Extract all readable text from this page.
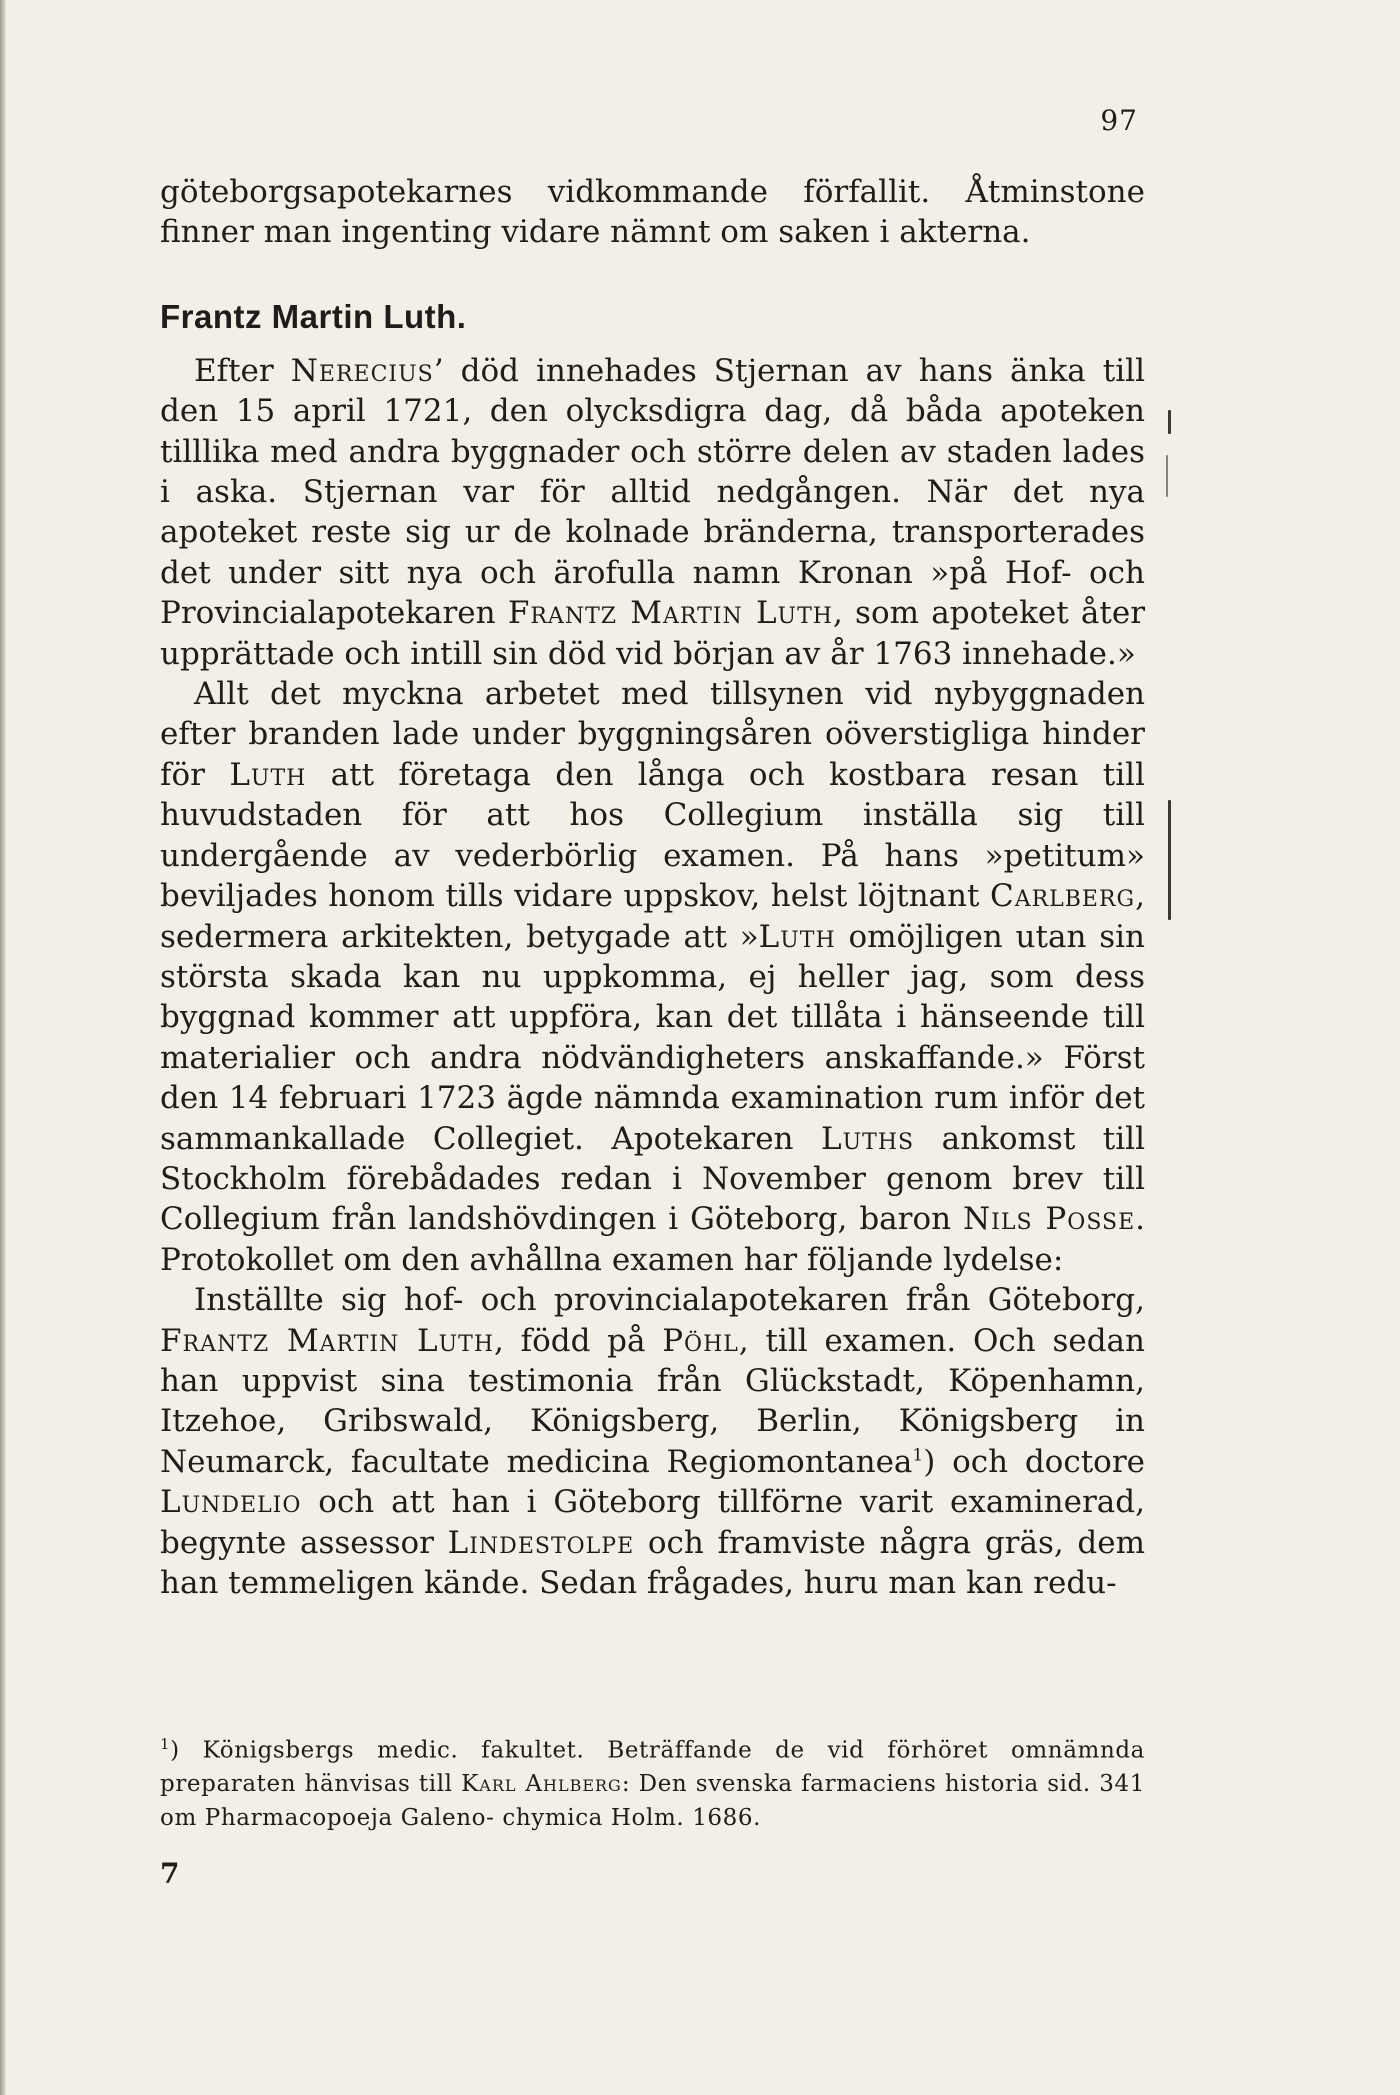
97

göteborgsapotekarnes vidkommande förfallit. Åtminstone finner man ingenting vidare nämnt om saken i akterna.

Frantz Martin Luth.

Efter Nerecius’ död innehades Stjernan av hans änka till den 15 april 1721, den olycksdigra dag, då båda apoteken tilllika med andra byggnader och större delen av staden lades i aska. Stjernan var för alltid nedgången. När det nya apoteket reste sig ur de kolnade bränderna, transporterades det under sitt nya och ärofulla namn Kronan »på Hof- och Provincialapotekaren Frantz Martin Luth, som apoteket åter upprättade och intill sin död vid början av år 1763 innehade.»

Allt det myckna arbetet med tillsynen vid nybyggnaden efter branden lade under byggningsåren oöverstigliga hinder för Luth att företaga den långa och kostbara resan till huvudstaden för att hos Collegium inställa sig till undergående av vederbörlig examen. På hans »petitum» beviljades honom tills vidare uppskov, helst löjtnant Carlberg, sedermera arkitekten, betygade att »Luth omöjligen utan sin största skada kan nu uppkomma, ej heller jag, som dess byggnad kommer att uppföra, kan det tillåta i hänseende till materialier och andra nödvändigheters anskaffande.» Först den 14 februari 1723 ägde nämnda examination rum inför det sammankallade Collegiet. Apotekaren Luths ankomst till Stockholm förebådades redan i November genom brev till Collegium från landshövdingen i Göteborg, baron Nils Posse. Protokollet om den avhållna examen har följande lydelse:

Inställte sig hof- och provincialapotekaren från Göteborg, Frantz Martin Luth, född på Pöhl, till examen. Och sedan han uppvist sina testimonia från Glückstadt, Köpenhamn, Itzehoe, Gribswald, Königsberg, Berlin, Königsberg in Neumarck, facultate medicina Regiomontanea$^1$) och doctore Lundelio och att han i Göteborg tillförne varit examinerad, begynte assessor Lindestolpe och framviste några gräs, dem han temmeligen kände. Sedan frågades, huru man kan redu-

$^1$) Königsbergs medic. fakultet. Beträffande de vid förhöret omnämnda preparaten hänvisas till Karl Ahlberg: Den svenska farmaciens historia sid. 341 om Pharmacopoeja Galeno- chymica Holm. 1686.
7
